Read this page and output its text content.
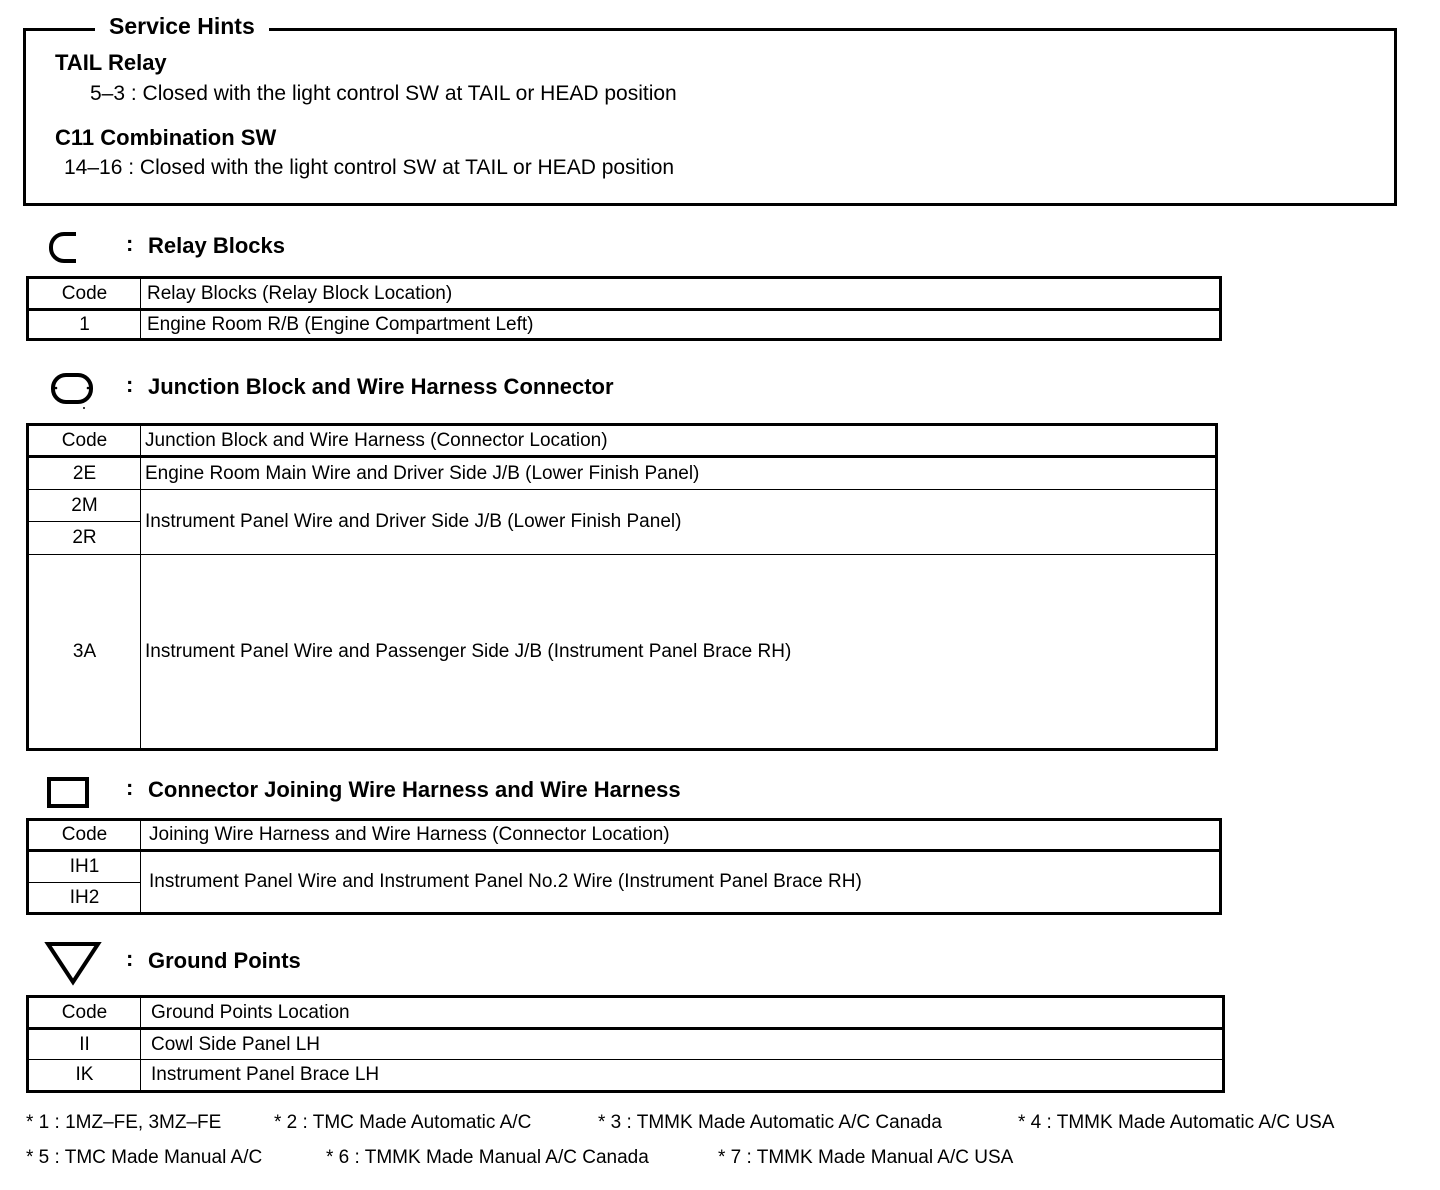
Service Hints
TAIL Relay
5–3 : Closed with the light control SW at TAIL or HEAD position
C11 Combination SW
14–16 : Closed with the light control SW at TAIL or HEAD position
: Relay Blocks
Code	Relay Blocks (Relay Block Location)
1	Engine Room R/B (Engine Compartment Left)
: Junction Block and Wire Harness Connector
Code	Junction Block and Wire Harness (Connector Location)
2E	Engine Room Main Wire and Driver Side J/B (Lower Finish Panel)
2M	Instrument Panel Wire and Driver Side J/B (Lower Finish Panel)
2R	
3A	Instrument Panel Wire and Passenger Side J/B (Instrument Panel Brace RH)
: Connector Joining Wire Harness and Wire Harness
Code	Joining Wire Harness and Wire Harness (Connector Location)
IH1	Instrument Panel Wire and Instrument Panel No.2 Wire (Instrument Panel Brace RH)
IH2	
: Ground Points
Code	Ground Points Location
II	Cowl Side Panel LH
IK	Instrument Panel Brace LH
* 1 : 1MZ–FE, 3MZ–FE	* 2 : TMC Made Automatic A/C	* 3 : TMMK Made Automatic A/C Canada	* 4 : TMMK Made Automatic A/C USA
* 5 : TMC Made Manual A/C	* 6 : TMMK Made Manual A/C Canada	* 7 : TMMK Made Manual A/C USA
